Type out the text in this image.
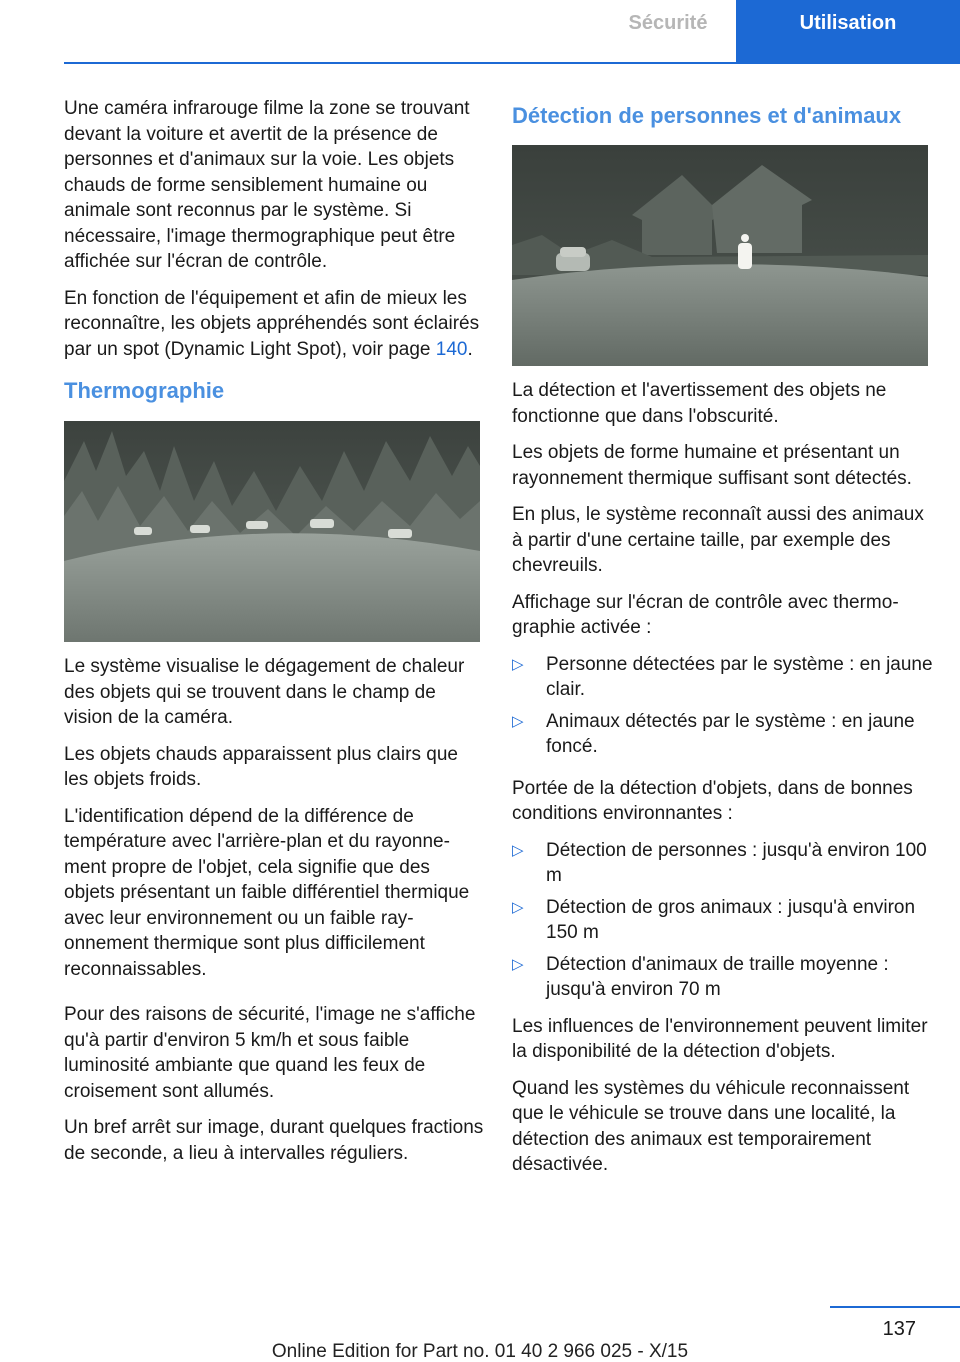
Sécurité	Utilisation

Une caméra infrarouge filme la zone se trouvant devant la voiture et avertit de la présence de personnes et d'animaux sur la voie. Les objets chauds de forme sensiblement humaine ou animale sont reconnus par le système. Si nécessaire, l'image thermographique peut être affichée sur l'écran de contrôle.

En fonction de l'équipement et afin de mieux les reconnaître, les objets appréhendés sont éclairés par un spot (Dynamic Light Spot), voir page 140.

Thermographie

Le système visualise le dégagement de chaleur des objets qui se trouvent dans le champ de vision de la caméra.

Les objets chauds apparaissent plus clairs que les objets froids.

L'identification dépend de la différence de température avec l'arrière-plan et du rayonnement propre de l'objet, cela signifie que des objets présentant un faible différentiel thermique avec leur environnement ou un faible rayonnement thermique sont plus difficilement reconnaissables.

Pour des raisons de sécurité, l'image ne s'affiche qu'à partir d'environ 5 km/h et sous faible luminosité ambiante que quand les feux de croisement sont allumés.

Un bref arrêt sur image, durant quelques fractions de seconde, a lieu à intervalles réguliers.

Détection de personnes et d'animaux

La détection et l'avertissement des objets ne fonctionne que dans l'obscurité.

Les objets de forme humaine et présentant un rayonnement thermique suffisant sont détectés.

En plus, le système reconnaît aussi des animaux à partir d'une certaine taille, par exemple des chevreuils.

Affichage sur l'écran de contrôle avec thermographie activée :

▷ Personne détectées par le système : en jaune clair.
▷ Animaux détectés par le système : en jaune foncé.

Portée de la détection d'objets, dans de bonnes conditions environnantes :

▷ Détection de personnes : jusqu'à environ 100 m
▷ Détection de gros animaux : jusqu'à environ 150 m
▷ Détection d'animaux de traille moyenne : jusqu'à environ 70 m

Les influences de l'environnement peuvent limiter la disponibilité de la détection d'objets.

Quand les systèmes du véhicule reconnaissent que le véhicule se trouve dans une localité, la détection des animaux est temporairement désactivée.

137
Online Edition for Part no. 01 40 2 966 025 - X/15
